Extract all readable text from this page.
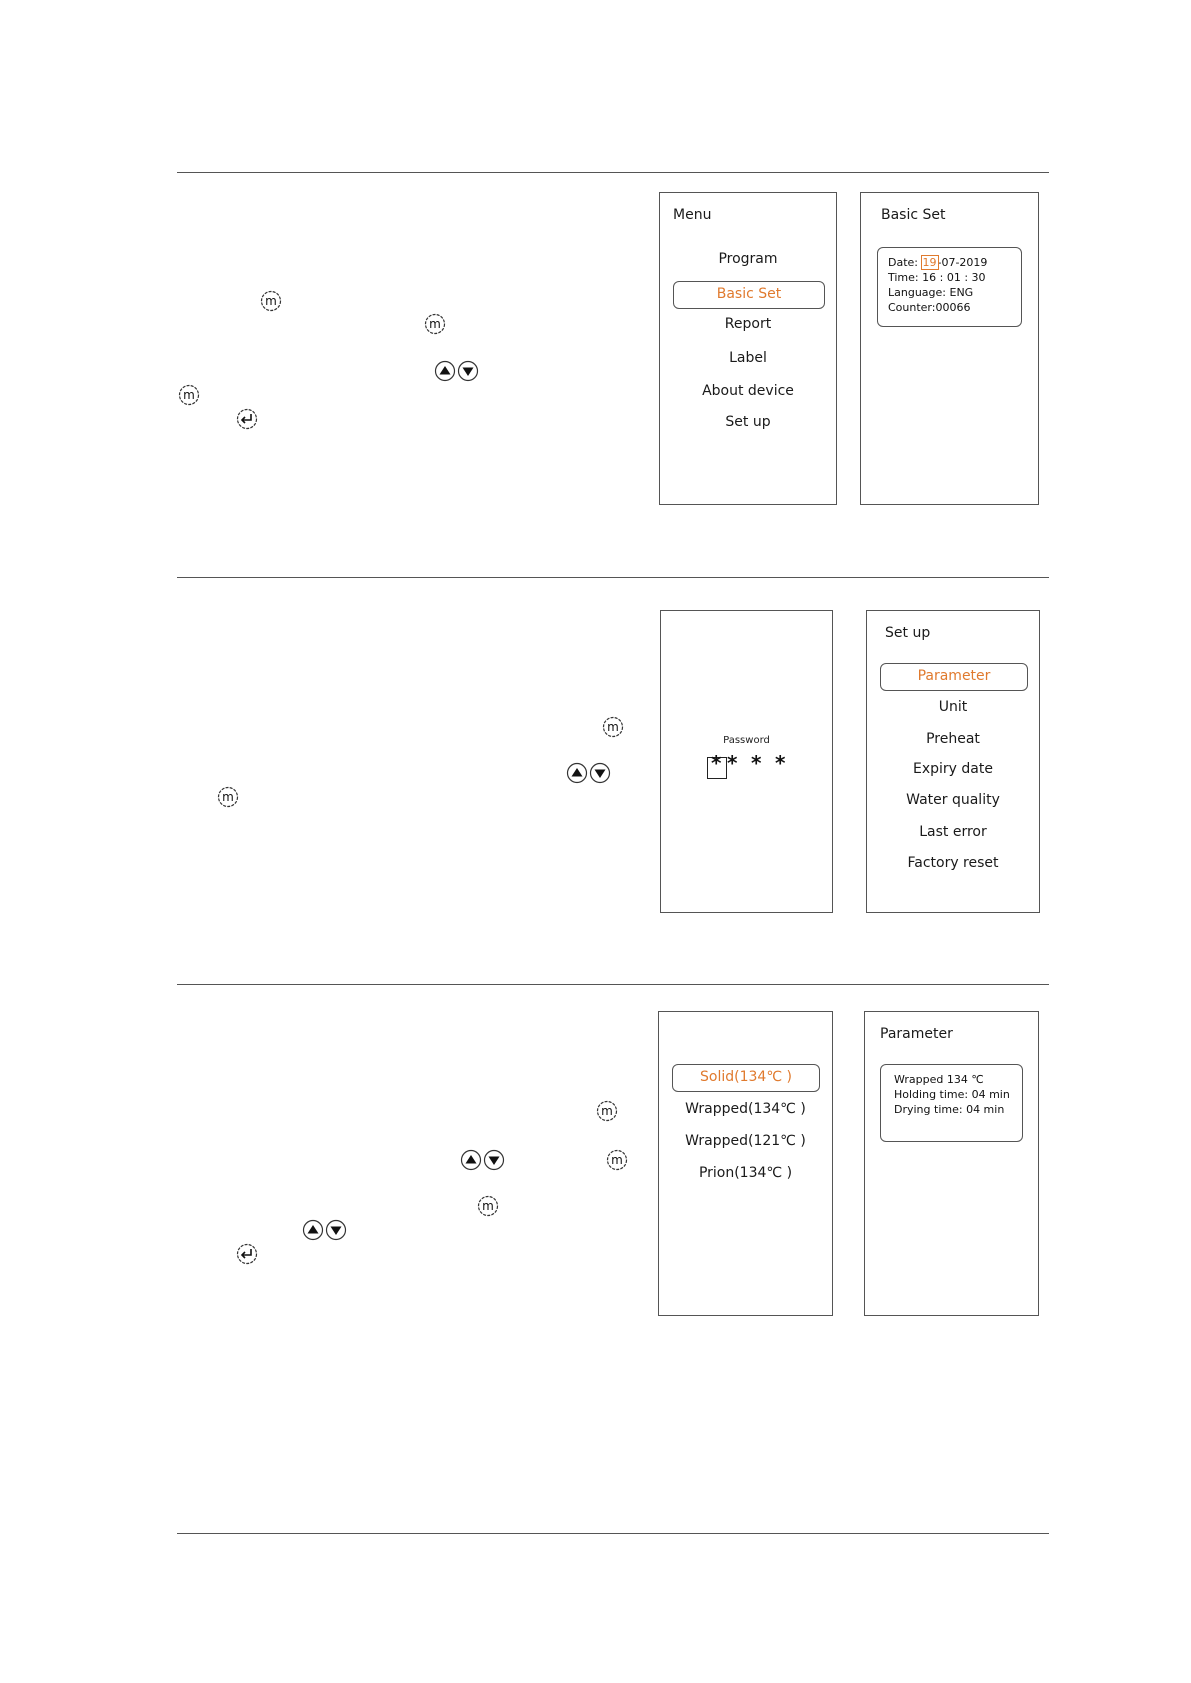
Menu
Program
Basic Set
Report
Label
About device
Set up
Basic Set
Date: 19-07-2019
Time: 16 : 01 : 30
Language: ENG
Counter:00066
Password
* * * *
Set up
Parameter
Unit
Preheat
Expiry date
Water quality
Last error
Factory reset
Solid(134℃ )
Wrapped(134℃ )
Wrapped(121℃ )
Prion(134℃ )
Parameter
Wrapped 134 ℃
Holding time: 04 min
Drying time: 04 min
